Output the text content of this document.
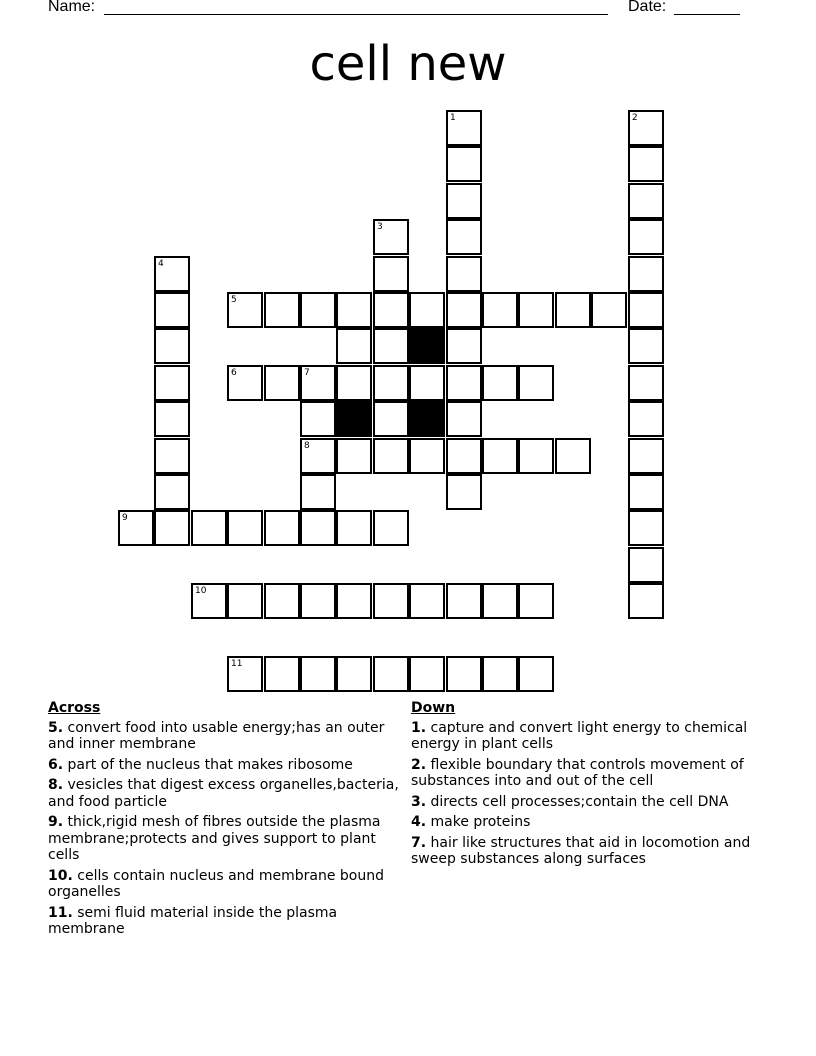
Name:	Date:
cell new
1	2
3
4
5
6	7
8
9
10
11
Across
5. convert food into usable energy;has an outer and inner membrane
6. part of the nucleus that makes ribosome
8. vesicles that digest excess organelles,bacteria, and food particle
9. thick,rigid mesh of fibres outside the plasma membrane;protects and gives support to plant cells
10. cells contain nucleus and membrane bound organelles
11. semi fluid material inside the plasma membrane
Down
1. capture and convert light energy to chemical energy in plant cells
2. flexible boundary that controls movement of substances into and out of the cell
3. directs cell processes;contain the cell DNA
4. make proteins
7. hair like structures that aid in locomotion and sweep substances along surfaces
